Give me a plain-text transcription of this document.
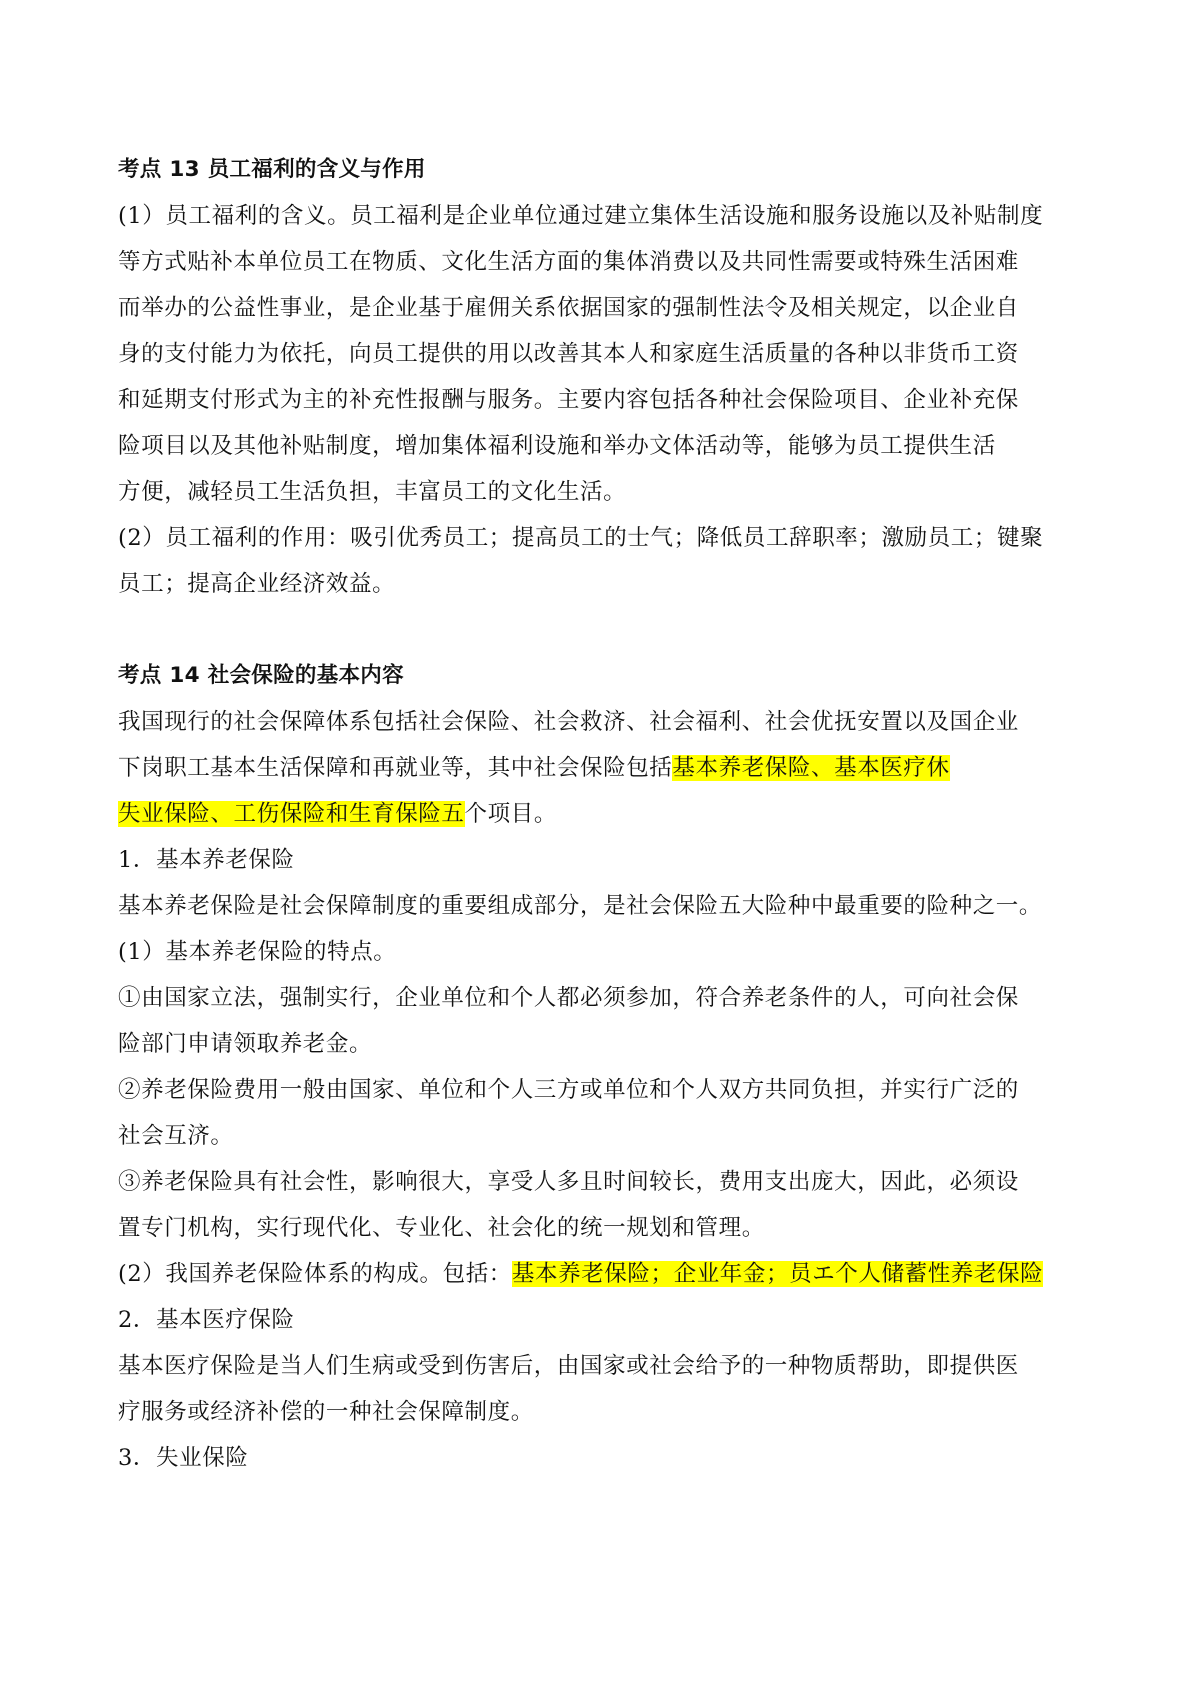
考点 13 员工福利的含义与作用
(1）员工福利的含义。员工福利是企业单位通过建立集体生活设施和服务设施以及补贴制度
等方式贴补本单位员工在物质、文化生活方面的集体消费以及共同性需要或特殊生活困难
而举办的公益性事业，是企业基于雇佣关系依据国家的强制性法令及相关规定，以企业自
身的支付能力为依托，向员工提供的用以改善其本人和家庭生活质量的各种以非货币工资
和延期支付形式为主的补充性报酬与服务。主要内容包括各种社会保险项目、企业补充保
险项目以及其他补贴制度，增加集体福利设施和举办文体活动等，能够为员工提供生活
方便，减轻员工生活负担，丰富员工的文化生活。
(2）员工福利的作用：吸引优秀员工；提高员工的士气；降低员工辞职率；激励员工；键聚
员工；提高企业经济效益。
考点 14 社会保险的基本内容
我国现行的社会保障体系包括社会保险、社会救济、社会福利、社会优抚安置以及国企业
下岗职工基本生活保障和再就业等，其中社会保险包括基本养老保险、基本医疗休
失业保险、工伤保险和生育保险五个项目。
1．基本养老保险
基本养老保险是社会保障制度的重要组成部分，是社会保险五大险种中最重要的险种之一。
(1）基本养老保险的特点。
①由国家立法，强制实行，企业单位和个人都必须参加，符合养老条件的人，可向社会保
险部门申请领取养老金。
②养老保险费用一般由国家、单位和个人三方或单位和个人双方共同负担，并实行广泛的
社会互济。
③养老保险具有社会性，影响很大，享受人多且时间较长，费用支出庞大，因此，必须设
置专门机构，实行现代化、专业化、社会化的统一规划和管理。
(2）我国养老保险体系的构成。包括：基本养老保险；企业年金；员エ个人储蓄性养老保险
2．基本医疗保险
基本医疗保险是当人们生病或受到伤害后，由国家或社会给予的一种物质帮助，即提供医
疗服务或经济补偿的一种社会保障制度。
3．失业保险
